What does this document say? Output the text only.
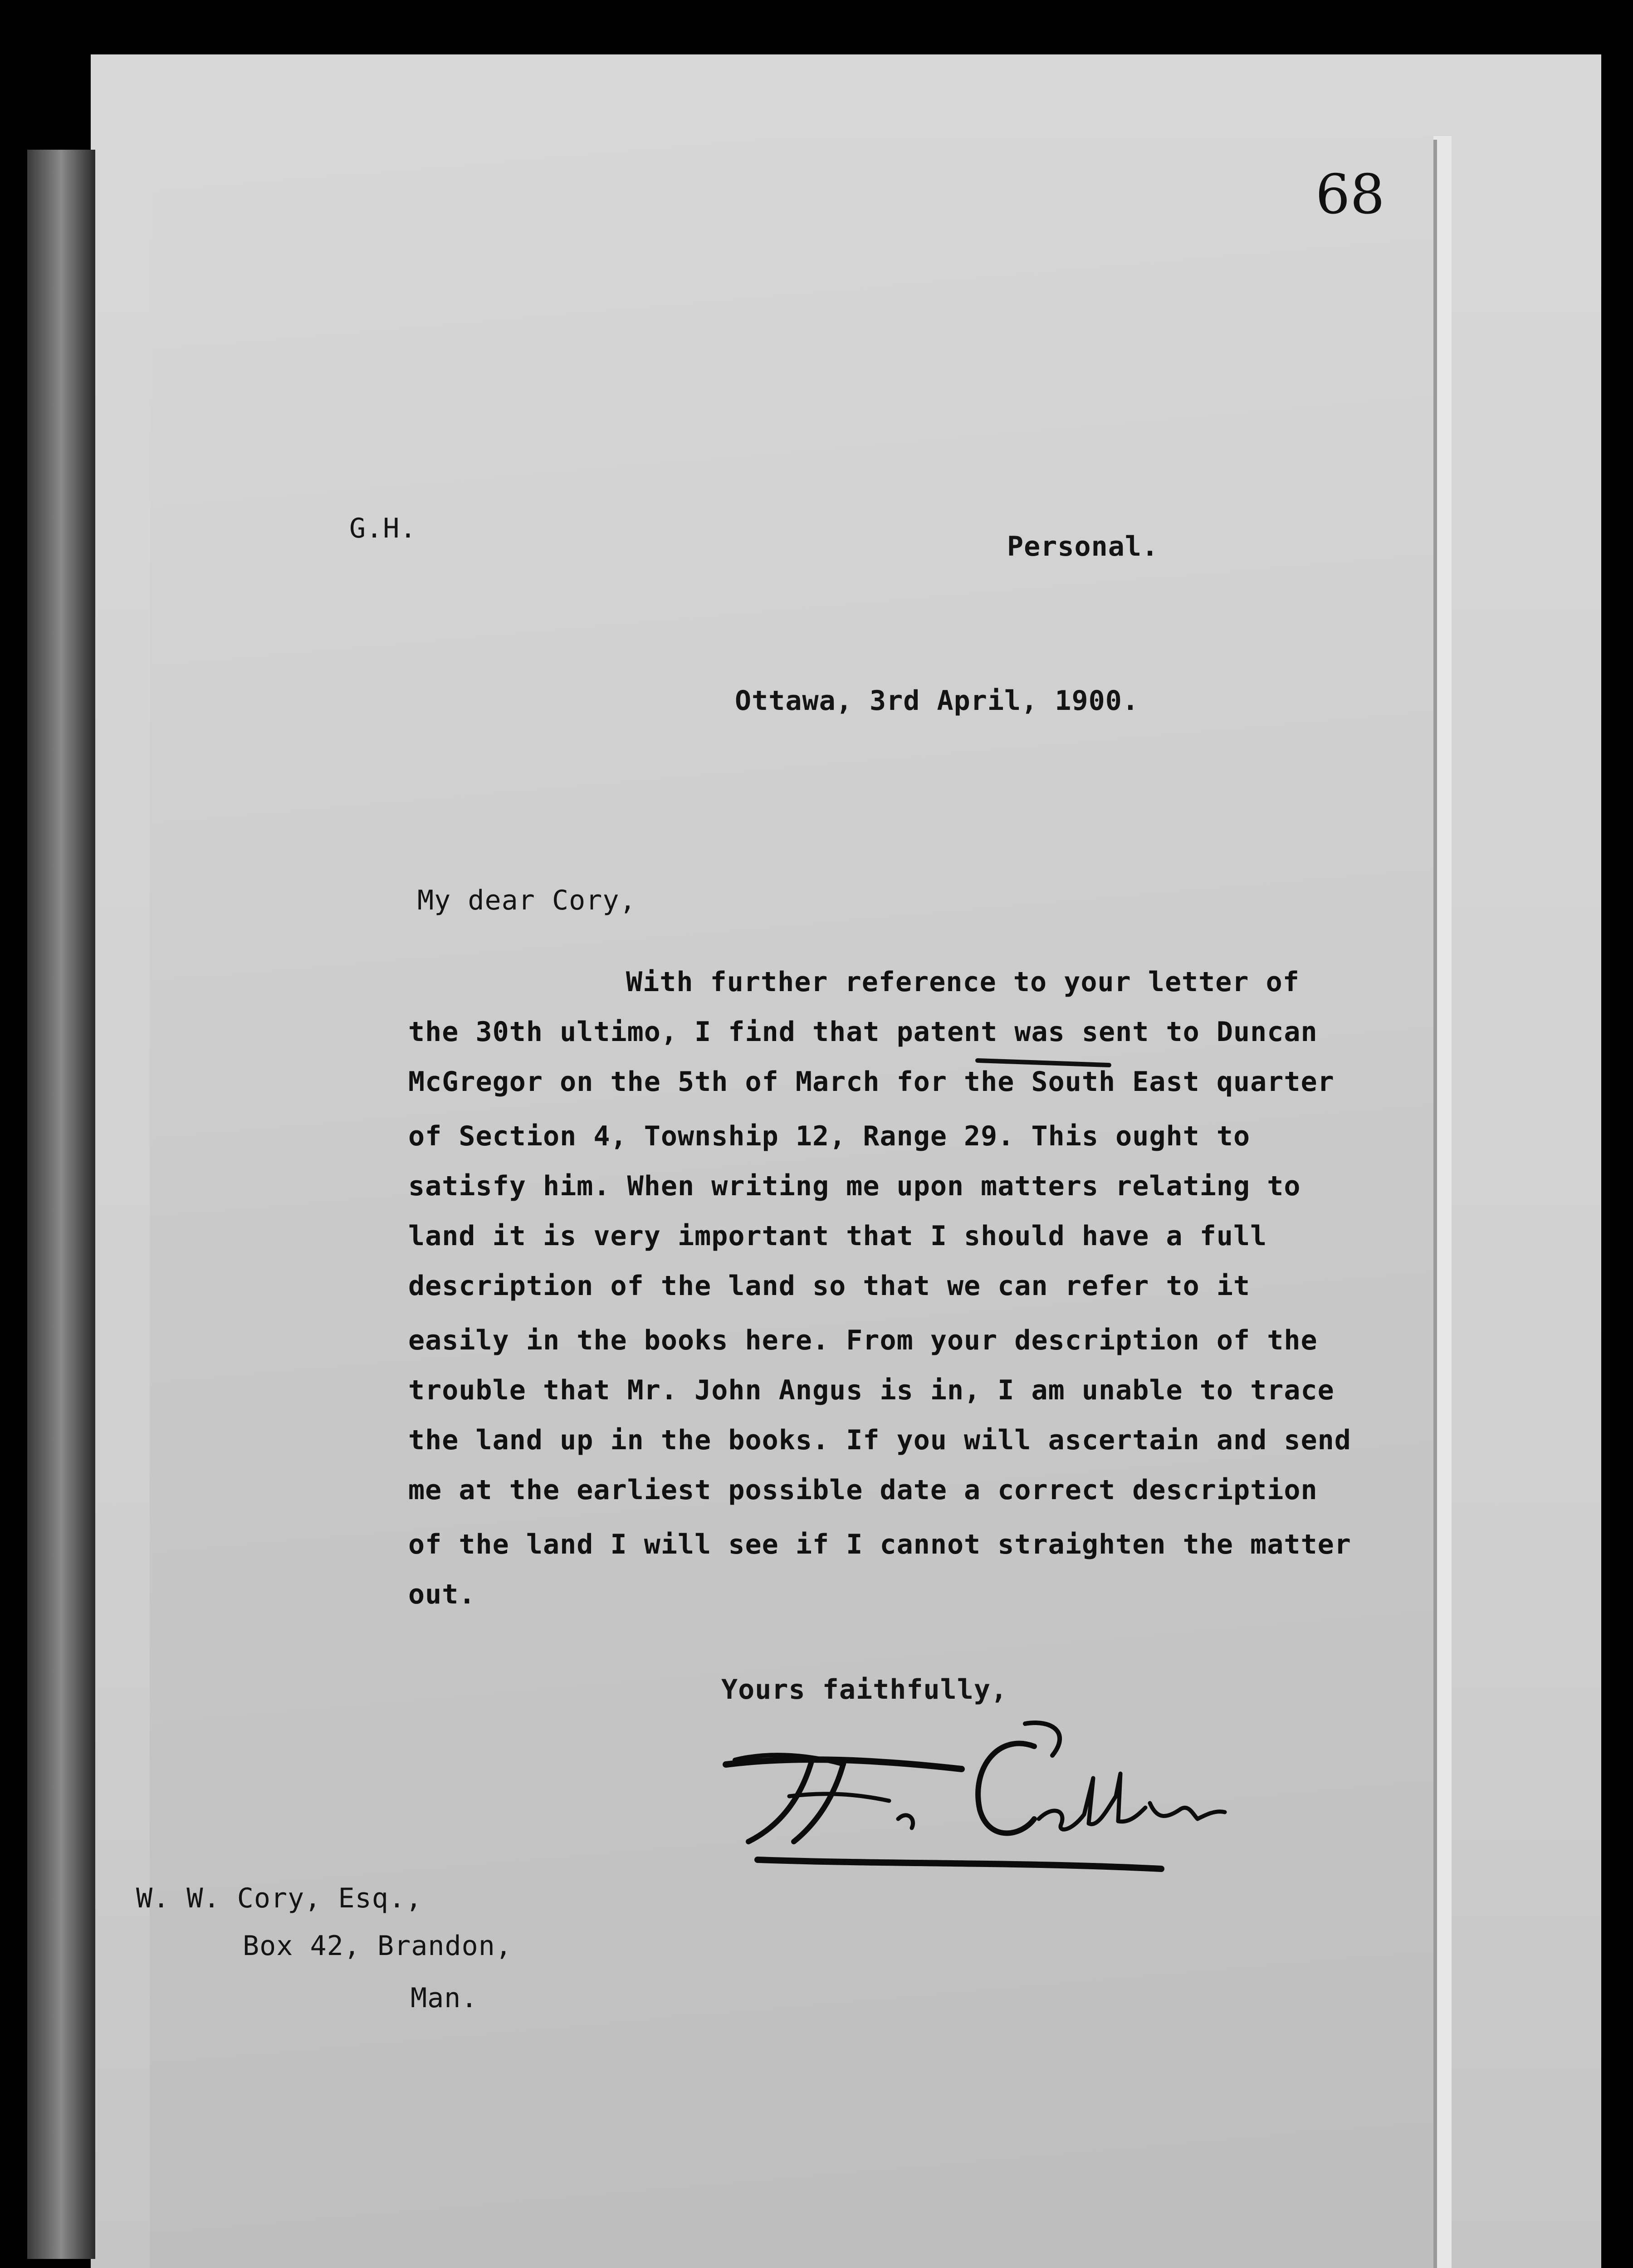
68
G.H.
Personal.
Ottawa, 3rd April, 1900.
My dear Cory,
With further reference to your letter of
the 30th ultimo, I find that patent was sent to Duncan
McGregor on the 5th of March for the South East quarter
of Section 4, Township 12, Range 29. This ought to
satisfy him. When writing me upon matters relating to
land it is very important that I should have a full
description of the land so that we can refer to it
easily in the books here. From your description of the
trouble that Mr. John Angus is in, I am unable to trace
the land up in the books. If you will ascertain and send
me at the earliest possible date a correct description
of the land I will see if I cannot straighten the matter
out.
Yours faithfully,
W. W. Cory, Esq.,
Box 42, Brandon,
Man.
